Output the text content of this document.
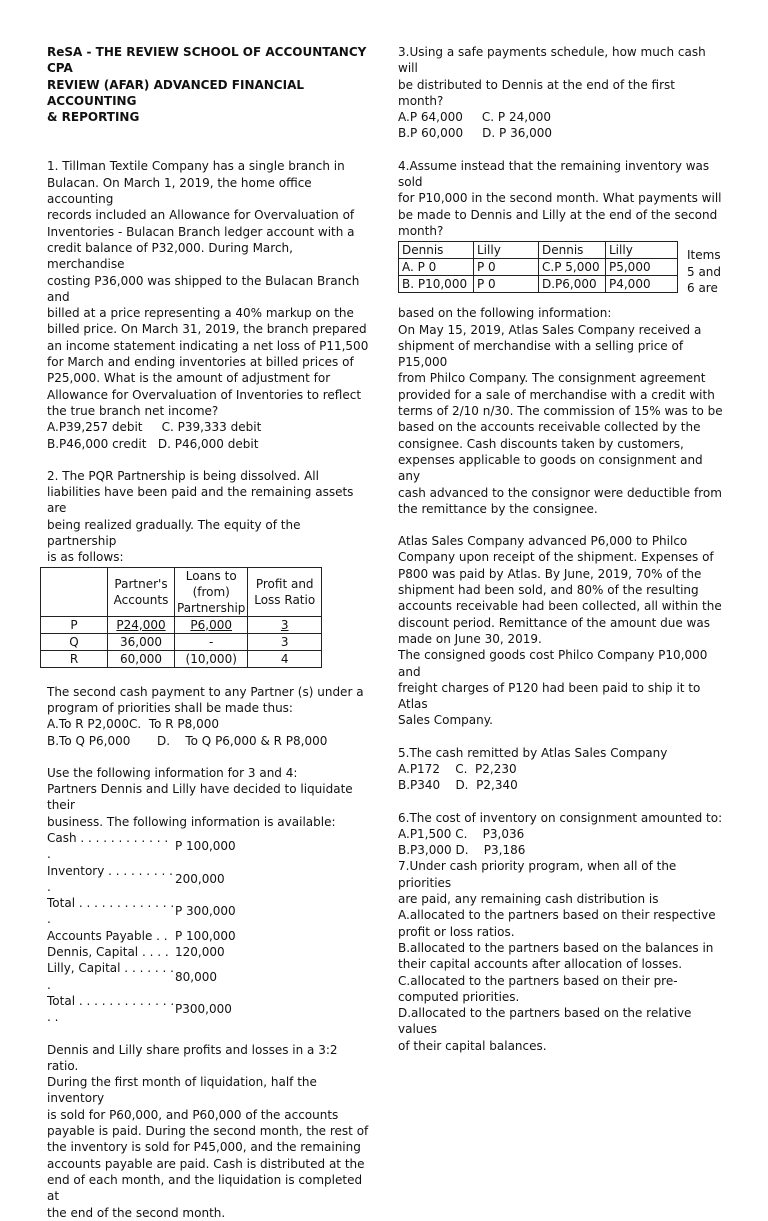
ReSA - THE REVIEW SCHOOL OF ACCOUNTANCY CPA

REVIEW (AFAR) ADVANCED FINANCIAL ACCOUNTING

& REPORTING

1. Tillman Textile Company has a single branch in

Bulacan. On March 1, 2019, the home office accounting

records included an Allowance for Overvaluation of

Inventories - Bulacan Branch ledger account with a

credit balance of P32,000. During March, merchandise

costing P36,000 was shipped to the Bulacan Branch and

billed at a price representing a 40% markup on the

billed price. On March 31, 2019, the branch prepared

an income statement indicating a net loss of P11,500

for March and ending inventories at billed prices of

P25,000. What is the amount of adjustment for

Allowance for Overvaluation of Inventories to reflect

the true branch net income?

A.P39,257 debit     C. P39,333 debit

B.P46,000 credit   D. P46,000 debit

2. The PQR Partnership is being dissolved. All

liabilities have been paid and the remaining assets are

being realized gradually. The equity of the partnership

is as follows:

	Partner's Accounts	Loans to (from) Partnership	Profit and Loss Ratio
P	P24,000	P6,000	3
Q	36,000	-	3
R	60,000	(10,000)	4

The second cash payment to any Partner (s) under a

program of priorities shall be made thus:

A.To R P2,000C.  To R P8,000

B.To Q P6,000       D.    To Q P6,000 & R P8,000

Use the following information for 3 and 4:

Partners Dennis and Lilly have decided to liquidate their

business. The following information is available:

Cash . . . . . . . . . . . . .	P 100,000
Inventory . . . . . . . . . .	200,000
Total . . . . . . . . . . . . . .	P 300,000
Accounts Payable . .	P 100,000
Dennis, Capital . . . .	120,000
Lilly, Capital . . . . . . . .	80,000
Total . . . . . . . . . . . . . . .	P300,000

Dennis and Lilly share profits and losses in a 3:2 ratio.

During the first month of liquidation, half the inventory

is sold for P60,000, and P60,000 of the accounts

payable is paid. During the second month, the rest of

the inventory is sold for P45,000, and the remaining

accounts payable are paid. Cash is distributed at the

end of each month, and the liquidation is completed at

the end of the second month.

3.Using a safe payments schedule, how much cash will

be distributed to Dennis at the end of the first month?

A.P 64,000     C. P 24,000

B.P 60,000     D. P 36,000

4.Assume instead that the remaining inventory was sold

for P10,000 in the second month. What payments will

be made to Dennis and Lilly at the end of the second

month?

Dennis	Lilly	Dennis	Lilly
A. P 0	P 0	C.P 5,000	P5,000
B. P10,000	P 0	D.P6,000	P4,000

Items

5 and

6 are

based on the following information:

On May 15, 2019, Atlas Sales Company received a

shipment of merchandise with a selling price of P15,000

from Philco Company. The consignment agreement

provided for a sale of merchandise with a credit with

terms of 2/10 n/30. The commission of 15% was to be

based on the accounts receivable collected by the

consignee. Cash discounts taken by customers,

expenses applicable to goods on consignment and any

cash advanced to the consignor were deductible from

the remittance by the consignee.

Atlas Sales Company advanced P6,000 to Philco

Company upon receipt of the shipment. Expenses of

P800 was paid by Atlas. By June, 2019, 70% of the

shipment had been sold, and 80% of the resulting

accounts receivable had been collected, all within the

discount period. Remittance of the amount due was

made on June 30, 2019.

The consigned goods cost Philco Company P10,000 and

freight charges of P120 had been paid to ship it to Atlas

Sales Company.

5.The cash remitted by Atlas Sales Company

A.P172    C.  P2,230

B.P340    D.  P2,340

6.The cost of inventory on consignment amounted to:

A.P1,500 C.    P3,036

B.P3,000 D.    P3,186

7.Under cash priority program, when all of the priorities

are paid, any remaining cash distribution is

A.allocated to the partners based on their respective

profit or loss ratios.

B.allocated to the partners based on the balances in

their capital accounts after allocation of losses.

C.allocated to the partners based on their pre-

computed priorities.

D.allocated to the partners based on the relative values

of their capital balances.
